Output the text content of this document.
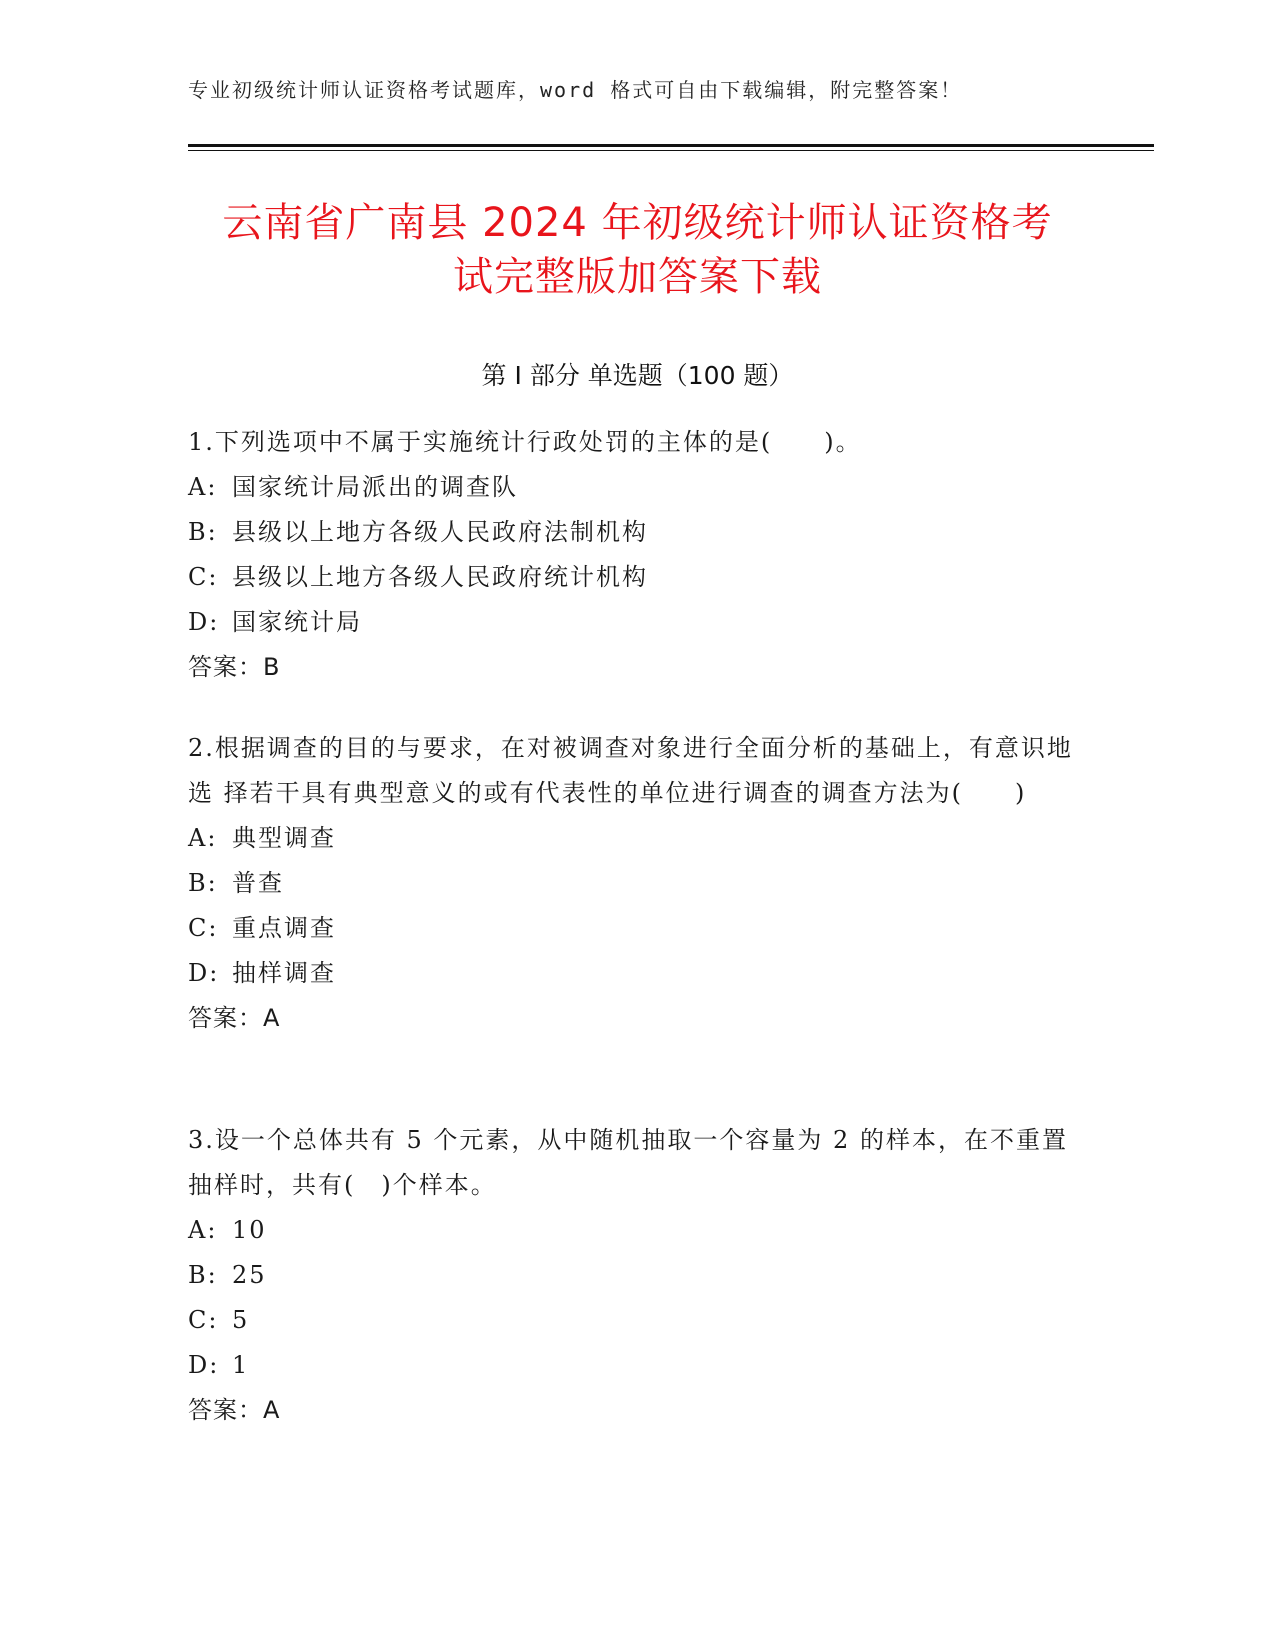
专业初级统计师认证资格考试题库，word 格式可自由下载编辑，附完整答案！
云南省广南县 2024 年初级统计师认证资格考
试完整版加答案下载
第 I 部分 单选题（100 题）

1.下列选项中不属于实施统计行政处罚的主体的是(　　)。

A: 国家统计局派出的调查队

B: 县级以上地方各级人民政府法制机构

C: 县级以上地方各级人民政府统计机构

D: 国家统计局

答案：B

2.根据调查的目的与要求，在对被调查对象进行全面分析的基础上，有意识地选 择若干具有典型意义的或有代表性的单位进行调查的调查方法为(　　)

A: 典型调查

B: 普查

C: 重点调查

D: 抽样调查

答案：A

3.设一个总体共有 5 个元素，从中随机抽取一个容量为 2 的样本，在不重置抽样时，共有(　)个样本。

A: 10

B: 25

C: 5

D: 1

答案：A
